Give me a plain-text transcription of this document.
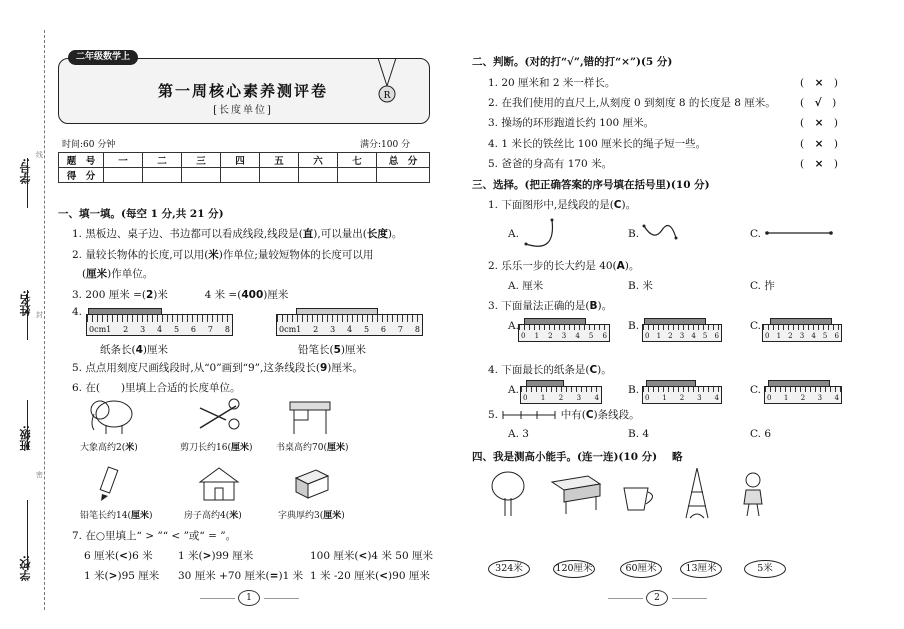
学号:
姓名:
班级:
学校:
线
封
密
二年级数学上
第一周核心素养测评卷
[长度单位]
R
时间:60 分钟	满分:100 分
题　号	一	二	三	四	五	六	七	总　分
得　分								
一、填一填。(每空 1 分,共 21 分)
1. 黑板边、桌子边、书边都可以看成线段,线段是(直),可以量出(长度)。
2. 量较长物体的长度,可以用(米)作单位;量较短物体的长度可以用
(厘米)作单位。
3. 200 厘米 =(2)米	4 米 =(400)厘米
4.
0cm1 2 3 4 5 6 7 8	0cm1 2 3 4 5 6 7 8
纸条长(4)厘米	铅笔长(5)厘米
5. 点点用刻度尺画线段时,从“0”画到“9”,这条线段长(9)厘米。
6. 在(　　)里填上合适的长度单位。
大象高约2(米)	剪刀长约16(厘米)	书桌高约70(厘米)
铅笔长约14(厘米)	房子高约4(米)	字典厚约3(厘米)
7. 在○里填上“ > ”“ < ”或“ = ”。
6 厘米(<)6 米 1 米(>)99 厘米	100 厘米(<)4 米 50 厘米
1 米(>)95 厘米 30 厘米 +70 厘米(=)1 米 1 米 -20 厘米(<)90 厘米
1
二、判断。(对的打“√”,错的打“×”)(5 分)
1. 20 厘米和 2 米一样长。	(　×　)
2. 在我们使用的直尺上,从刻度 0 到刻度 8 的长度是 8 厘米。 (　√　)
3. 操场的环形跑道长约 100 厘米。	(　×　)
4. 1 米长的铁丝比 100 厘米长的绳子短一些。	(　×　)
5. 爸爸的身高有 170 米。	(　×　)
三、选择。(把正确答案的序号填在括号里)(10 分)
1. 下面图形中,是线段的是(C)。
A.	B.	C.
2. 乐乐一步的长大约是 40(A)。
A. 厘米	B. 米	C. 拃
3. 下面量法正确的是(B)。
A.
0 1 2 3 4 5 6
B.
0 1 2 3 4 5 6
C.
0 1 2 3 4 5 6
4. 下面最长的纸条是(C)。
A.
0 1 2 3 4
B.
0 1 2 3 4
C.
0 1 2 3 4
5.	中有(C)条线段。
A. 3	B. 4	C. 6
四、我是测高小能手。(连一连)(10 分) 略
324米	120厘米	60厘米	13厘米	5米
2
